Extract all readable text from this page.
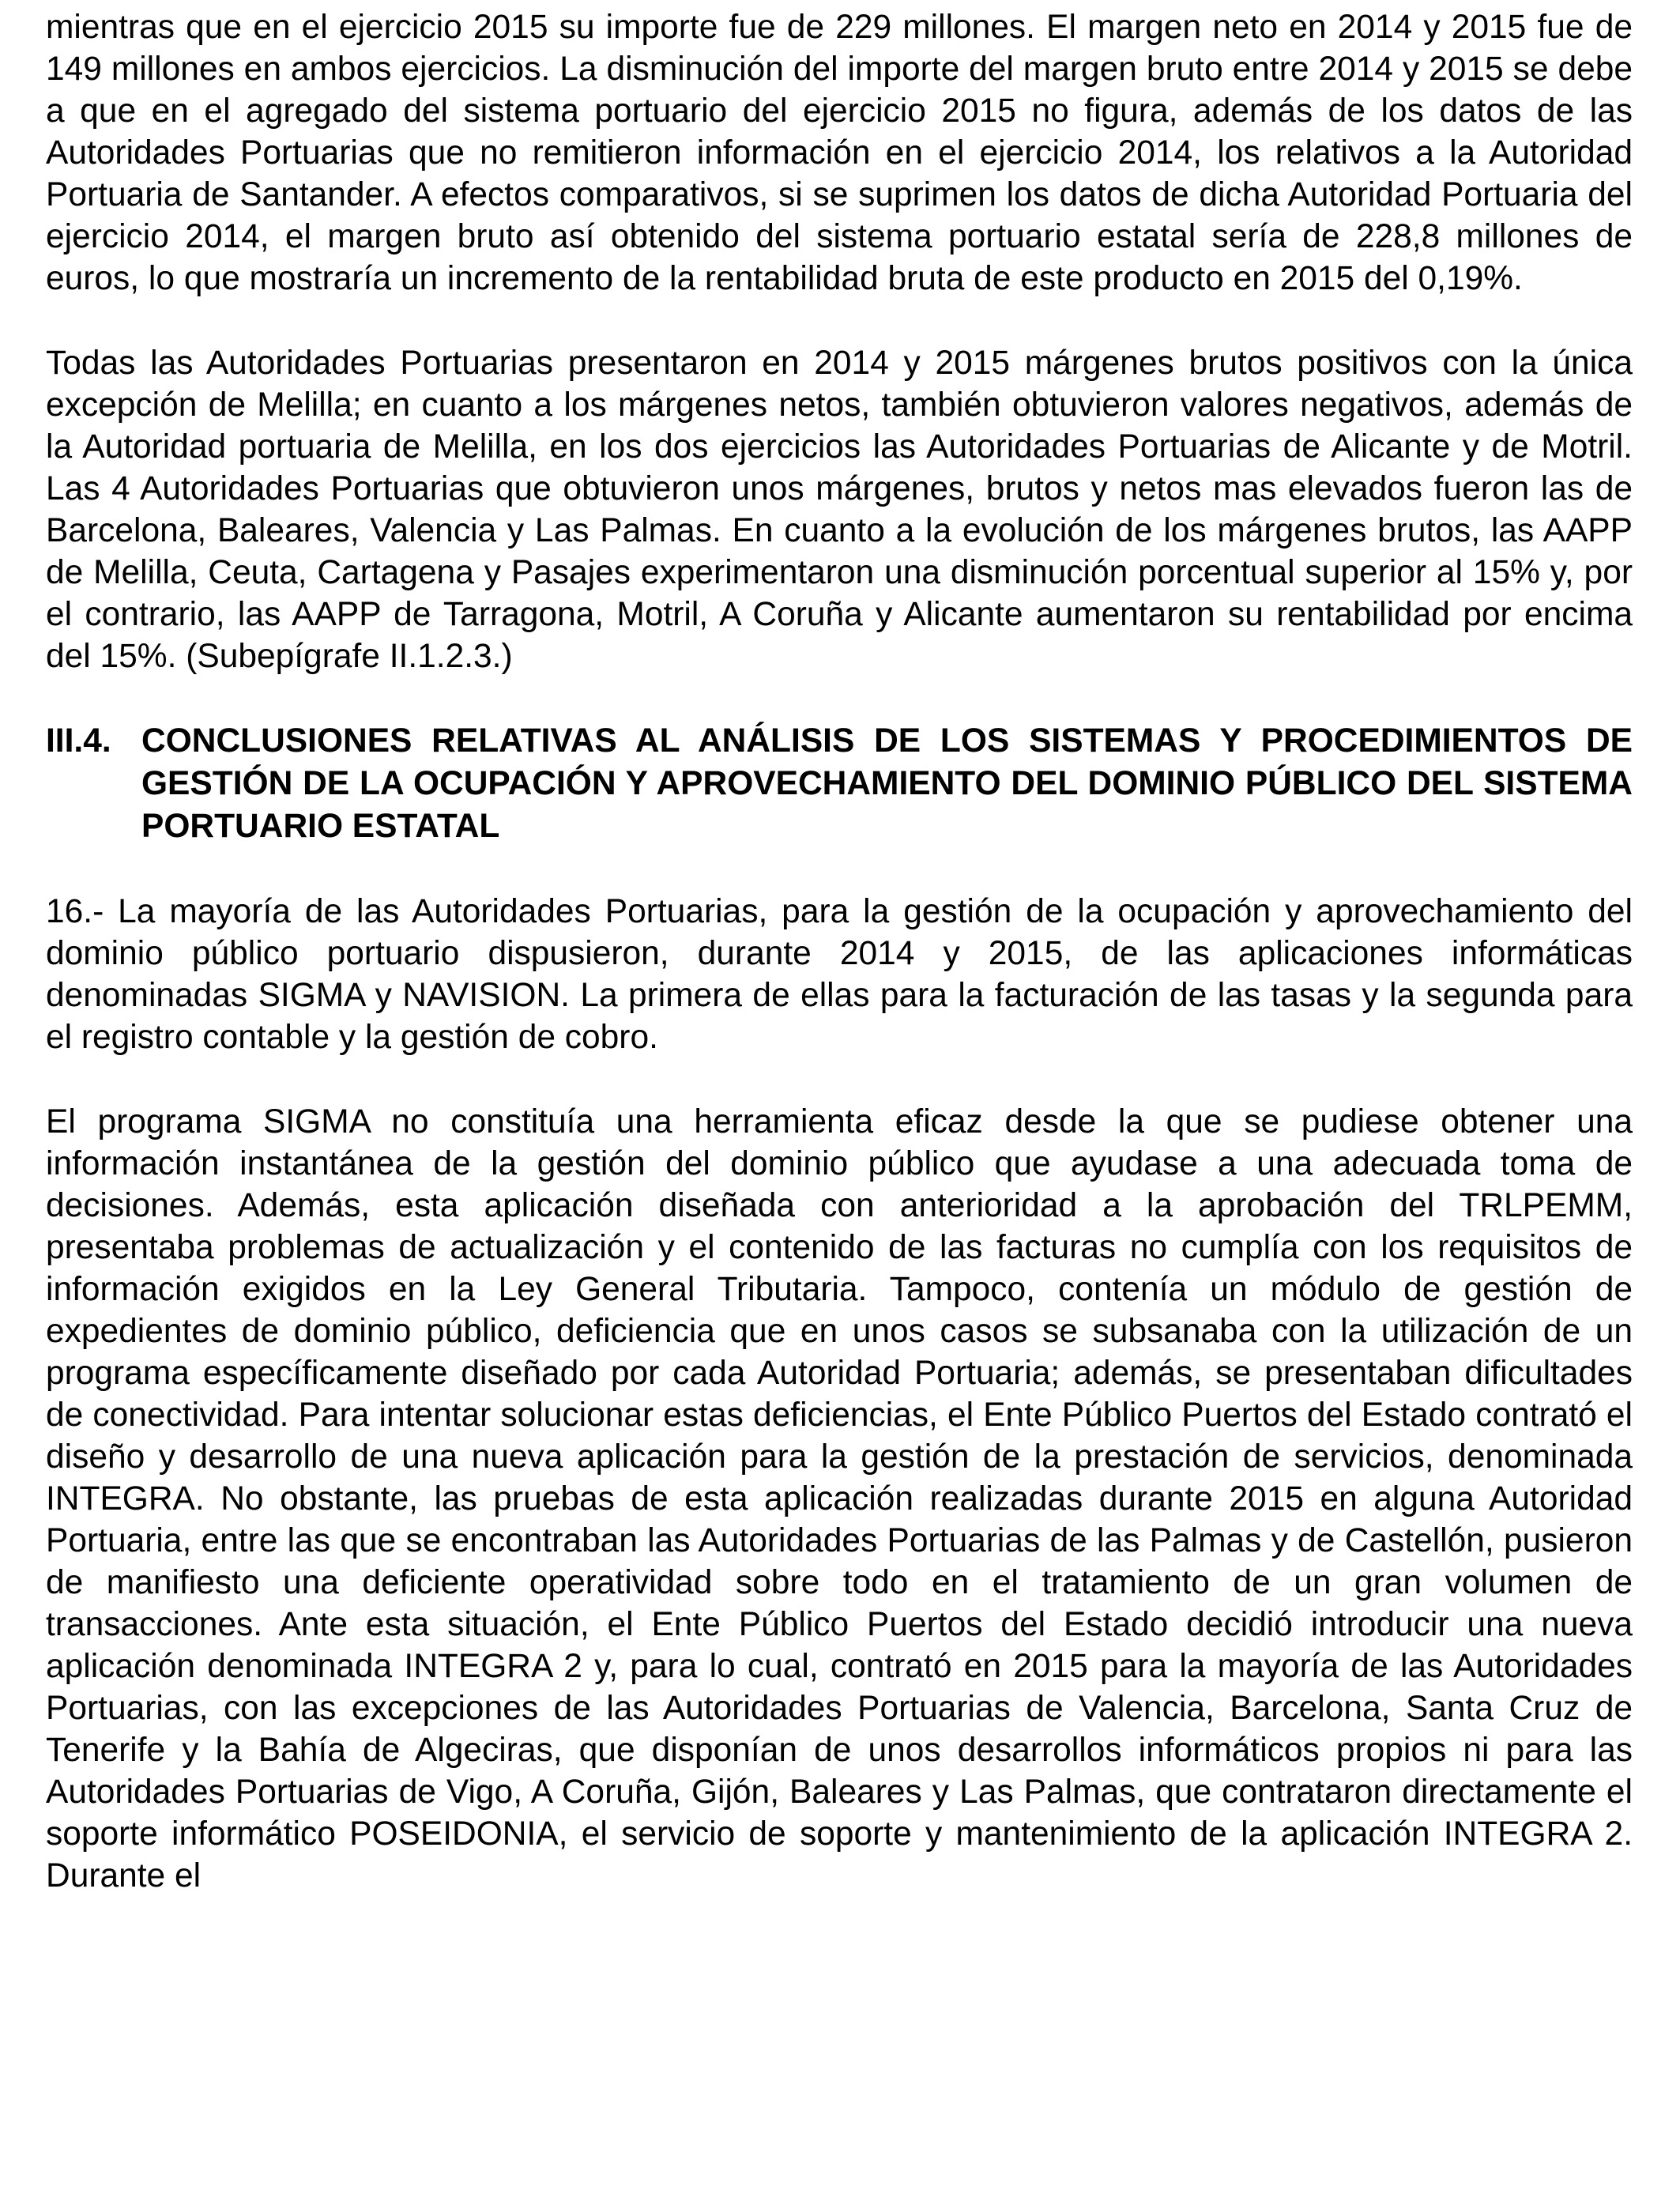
mientras que en el ejercicio 2015 su importe fue de 229 millones. El margen neto en 2014 y 2015 fue de 149 millones en ambos ejercicios. La disminución del importe del margen bruto entre 2014 y 2015 se debe a que en el agregado del sistema portuario del ejercicio 2015 no figura, además de los datos de las Autoridades Portuarias que no remitieron información en el ejercicio 2014, los relativos a la Autoridad Portuaria de Santander. A efectos comparativos, si se suprimen los datos de dicha Autoridad Portuaria del ejercicio 2014, el margen bruto así obtenido del sistema portuario estatal sería de 228,8 millones de euros, lo que mostraría un incremento de la rentabilidad bruta de este producto en 2015 del 0,19%.

Todas las Autoridades Portuarias presentaron en 2014 y 2015 márgenes brutos positivos con la única excepción de Melilla; en cuanto a los márgenes netos, también obtuvieron valores negativos, además de la Autoridad portuaria de Melilla, en los dos ejercicios las Autoridades Portuarias de Alicante y de Motril. Las 4 Autoridades Portuarias que obtuvieron unos márgenes, brutos y netos mas elevados fueron las de Barcelona, Baleares, Valencia y Las Palmas. En cuanto a la evolución de los márgenes brutos, las AAPP de Melilla, Ceuta, Cartagena y Pasajes experimentaron una disminución porcentual superior al 15% y, por el contrario, las AAPP de Tarragona, Motril, A Coruña y Alicante aumentaron su rentabilidad por encima del 15%. (Subepígrafe II.1.2.3.)

III.4. CONCLUSIONES RELATIVAS AL ANÁLISIS DE LOS SISTEMAS Y PROCEDIMIENTOS DE GESTIÓN DE LA OCUPACIÓN Y APROVECHAMIENTO DEL DOMINIO PÚBLICO DEL SISTEMA PORTUARIO ESTATAL

16.- La mayoría de las Autoridades Portuarias, para la gestión de la ocupación y aprovechamiento del dominio público portuario dispusieron, durante 2014 y 2015, de las aplicaciones informáticas denominadas SIGMA y NAVISION. La primera de ellas para la facturación de las tasas y la segunda para el registro contable y la gestión de cobro.

El programa SIGMA no constituía una herramienta eficaz desde la que se pudiese obtener una información instantánea de la gestión del dominio público que ayudase a una adecuada toma de decisiones. Además, esta aplicación diseñada con anterioridad a la aprobación del TRLPEMM, presentaba problemas de actualización y el contenido de las facturas no cumplía con los requisitos de información exigidos en la Ley General Tributaria. Tampoco, contenía un módulo de gestión de expedientes de dominio público, deficiencia que en unos casos se subsanaba con la utilización de un programa específicamente diseñado por cada Autoridad Portuaria; además, se presentaban dificultades de conectividad. Para intentar solucionar estas deficiencias, el Ente Público Puertos del Estado contrató el diseño y desarrollo de una nueva aplicación para la gestión de la prestación de servicios, denominada INTEGRA. No obstante, las pruebas de esta aplicación realizadas durante 2015 en alguna Autoridad Portuaria, entre las que se encontraban las Autoridades Portuarias de las Palmas y de Castellón, pusieron de manifiesto una deficiente operatividad sobre todo en el tratamiento de un gran volumen de transacciones. Ante esta situación, el Ente Público Puertos del Estado decidió introducir una nueva aplicación denominada INTEGRA 2 y, para lo cual, contrató en 2015 para la mayoría de las Autoridades Portuarias, con las excepciones de las Autoridades Portuarias de Valencia, Barcelona, Santa Cruz de Tenerife y la Bahía de Algeciras, que disponían de unos desarrollos informáticos propios ni para las Autoridades Portuarias de Vigo, A Coruña, Gijón, Baleares y Las Palmas, que contrataron directamente el soporte informático POSEIDONIA, el servicio de soporte y mantenimiento de la aplicación INTEGRA 2. Durante el
